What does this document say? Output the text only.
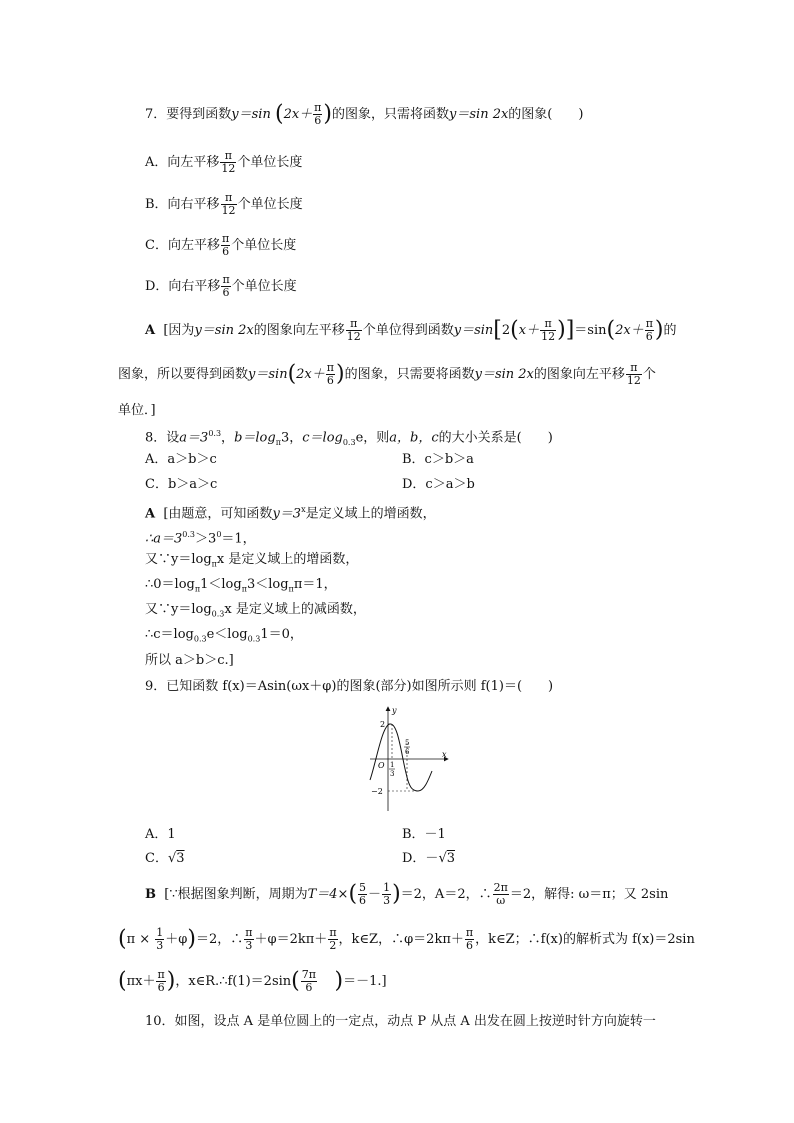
7．要得到函数y＝sin ($2x+ \frac{\pi}{6}$ )的图象，只需将函数y＝sin 2x的图象(　　)
A．向左平移 $\frac{\pi}{12}$ 个单位长度
B．向右平移 $\frac{\pi}{12}$ 个单位长度
C．向左平移 $\frac{\pi}{6}$ 个单位长度
D．向右平移 $\frac{\pi}{6}$ 个单位长度
A [因为y＝sin 2x的图象向左平移 $\frac{\pi}{12}$ 个单位得到函数$y=\sin[2(x+ \frac{\pi}{12} )]=\sin(2x+ \frac{\pi}{6}$ )的
图象，所以要得到函数$y=\sin(2x+ \frac{\pi}{6}$ )的图象，只需要将函数y＝sin 2x的图象向左平移 $\frac{\pi}{12}$ 个
单位．]
8．设$a=3^{0.3}$，$b=\log_\pi 3$，$c=\log_{0.3}e$，则a，b，c的大小关系是(　　)
A．a＞b＞c	B．c＞b＞a
C．b＞a＞c	D．c＞a＞b
A [由题意，可知函数$y=3^x$是定义域上的增函数，
$\therefore a=3^{0.3}>3^0=1$，
又$\because y=\log_\pi x$ 是定义域上的增函数，
$\therefore 0=\log_\pi 1<\log_\pi 3<\log_\pi\pi=1$，
又$\because y=\log_{0.3}x$ 是定义域上的减函数，
$\therefore c=\log_{0.3}e<\log_{0.3}1=0$，
所以 a＞b＞c.]
9．已知函数 f(x)＝Asin(ωx＋φ)的图象(部分)如图所示则 f(1)＝(　　)
y
x
O
2
−2
1
3
5
6
A．1	B．－1
C．√3	D．－√3
B [∵根据图象判断，周期为$T=4\times( \frac{5}{6} - \frac{1}{3} )=2$，A＝2，∴ $\frac{2\pi}{\omega} =2$，解得: ω＝π；又 2sin
$(\pi \times \frac{1}{3} +\varphi)=2$，∴ $\frac{\pi}{3} +\varphi=2k\pi+ \frac{\pi}{2}$ ，k∈Z，∴φ＝2kπ＋ $\frac{\pi}{6}$ ，k∈Z；∴f(x)的解析式为 f(x)＝2sin
($\pi x+ \frac{\pi}{6}$ )，x∈R.∴f(1)＝2sin( $\frac{7\pi}{6} )=-1$.]
10．如图，设点 A 是单位圆上的一定点，动点 P 从点 A 出发在圆上按逆时针方向旋转一
